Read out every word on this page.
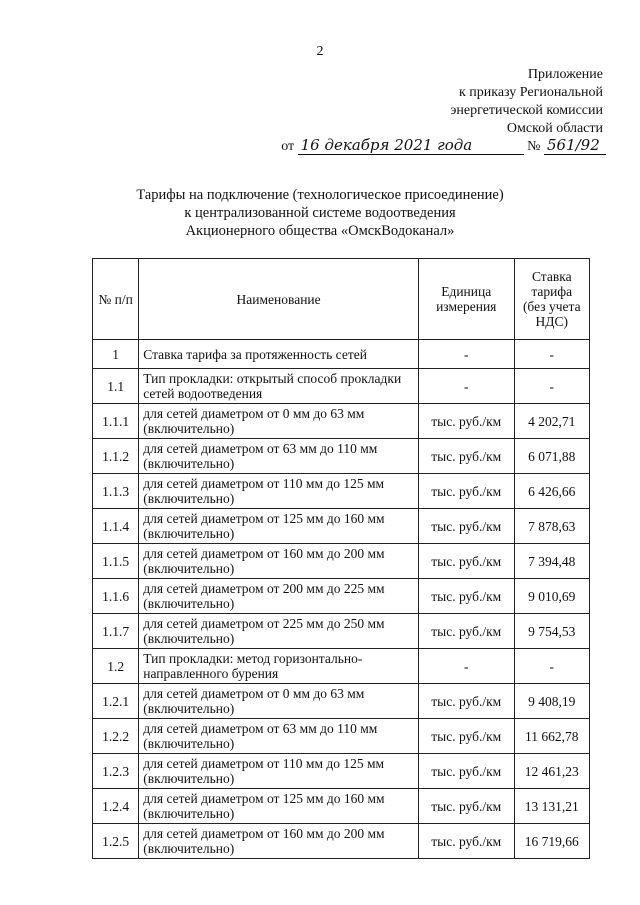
2
Приложение
к приказу Региональной
энергетической комиссии
Омской области
от 16 декабря 2021 года	№ 561/92
Тарифы на подключение (технологическое присоединение)
к централизованной системе водоотведения
Акционерного общества «ОмскВодоканал»
№ п/п	Наименование	Единица измерения	Ставка тарифа (без учета НДС)
1	Ставка тарифа за протяженность сетей	-	-
1.1	Тип прокладки: открытый способ прокладки сетей водоотведения	-	-
1.1.1	для сетей диаметром от 0 мм до 63 мм (включительно)	тыс. руб./км	4 202,71
1.1.2	для сетей диаметром от 63 мм до 110 мм (включительно)	тыс. руб./км	6 071,88
1.1.3	для сетей диаметром от 110 мм до 125 мм (включительно)	тыс. руб./км	6 426,66
1.1.4	для сетей диаметром от 125 мм до 160 мм (включительно)	тыс. руб./км	7 878,63
1.1.5	для сетей диаметром от 160 мм до 200 мм (включительно)	тыс. руб./км	7 394,48
1.1.6	для сетей диаметром от 200 мм до 225 мм (включительно)	тыс. руб./км	9 010,69
1.1.7	для сетей диаметром от 225 мм до 250 мм (включительно)	тыс. руб./км	9 754,53
1.2	Тип прокладки: метод горизонтально-направленного бурения	-	-
1.2.1	для сетей диаметром от 0 мм до 63 мм (включительно)	тыс. руб./км	9 408,19
1.2.2	для сетей диаметром от 63 мм до 110 мм (включительно)	тыс. руб./км	11 662,78
1.2.3	для сетей диаметром от 110 мм до 125 мм (включительно)	тыс. руб./км	12 461,23
1.2.4	для сетей диаметром от 125 мм до 160 мм (включительно)	тыс. руб./км	13 131,21
1.2.5	для сетей диаметром от 160 мм до 200 мм (включительно)	тыс. руб./км	16 719,66
